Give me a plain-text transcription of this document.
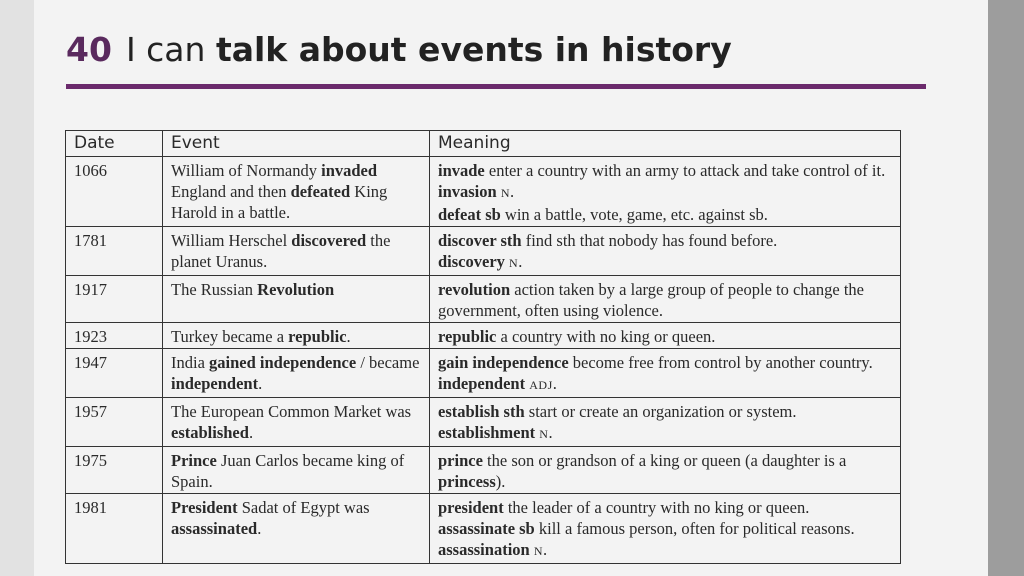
40 I can talk about events in history
Date	Event	Meaning
1066	William of Normandy invaded England and then defeated King Harold in a battle.	invade enter a country with an army to attack and take control of it. invasion N.
defeat sb win a battle, vote, game, etc. against sb.
1781	William Herschel discovered the planet Uranus.	discover sth find sth that nobody has found before.
discovery N.
1917	The Russian Revolution	revolution action taken by a large group of people to change the government, often using violence.
1923	Turkey became a republic.	republic a country with no king or queen.
1947	India gained independence / became independent.	gain independence become free from control by another country. independent ADJ.
1957	The European Common Market was established.	establish sth start or create an organization or system.
establishment N.
1975	Prince Juan Carlos became king of Spain.	prince the son or grandson of a king or queen (a daughter is a princess).
1981	President Sadat of Egypt was assassinated.	president the leader of a country with no king or queen.
assassinate sb kill a famous person, often for political reasons. assassination N.
